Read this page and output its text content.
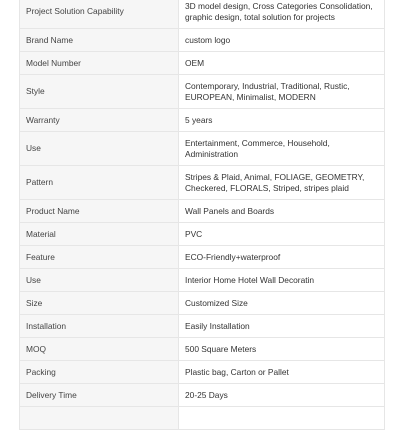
Project Solution Capability	3D model design, Cross Categories Consolidation, graphic design, total solution for projects
Brand Name	custom logo
Model Number	OEM
Style	Contemporary, Industrial, Traditional, Rustic, EUROPEAN, Minimalist, MODERN
Warranty	5 years
Use	Entertainment, Commerce, Household, Administration
Pattern	Stripes & Plaid, Animal, FOLIAGE, GEOMETRY, Checkered, FLORALS, Striped, stripes plaid
Product Name	Wall Panels and Boards
Material	PVC
Feature	ECO-Friendly+waterproof
Use	Interior Home Hotel Wall Decoratin
Size	Customized Size
Installation	Easily Installation
MOQ	500 Square Meters
Packing	Plastic bag, Carton or Pallet
Delivery Time	20-25 Days
